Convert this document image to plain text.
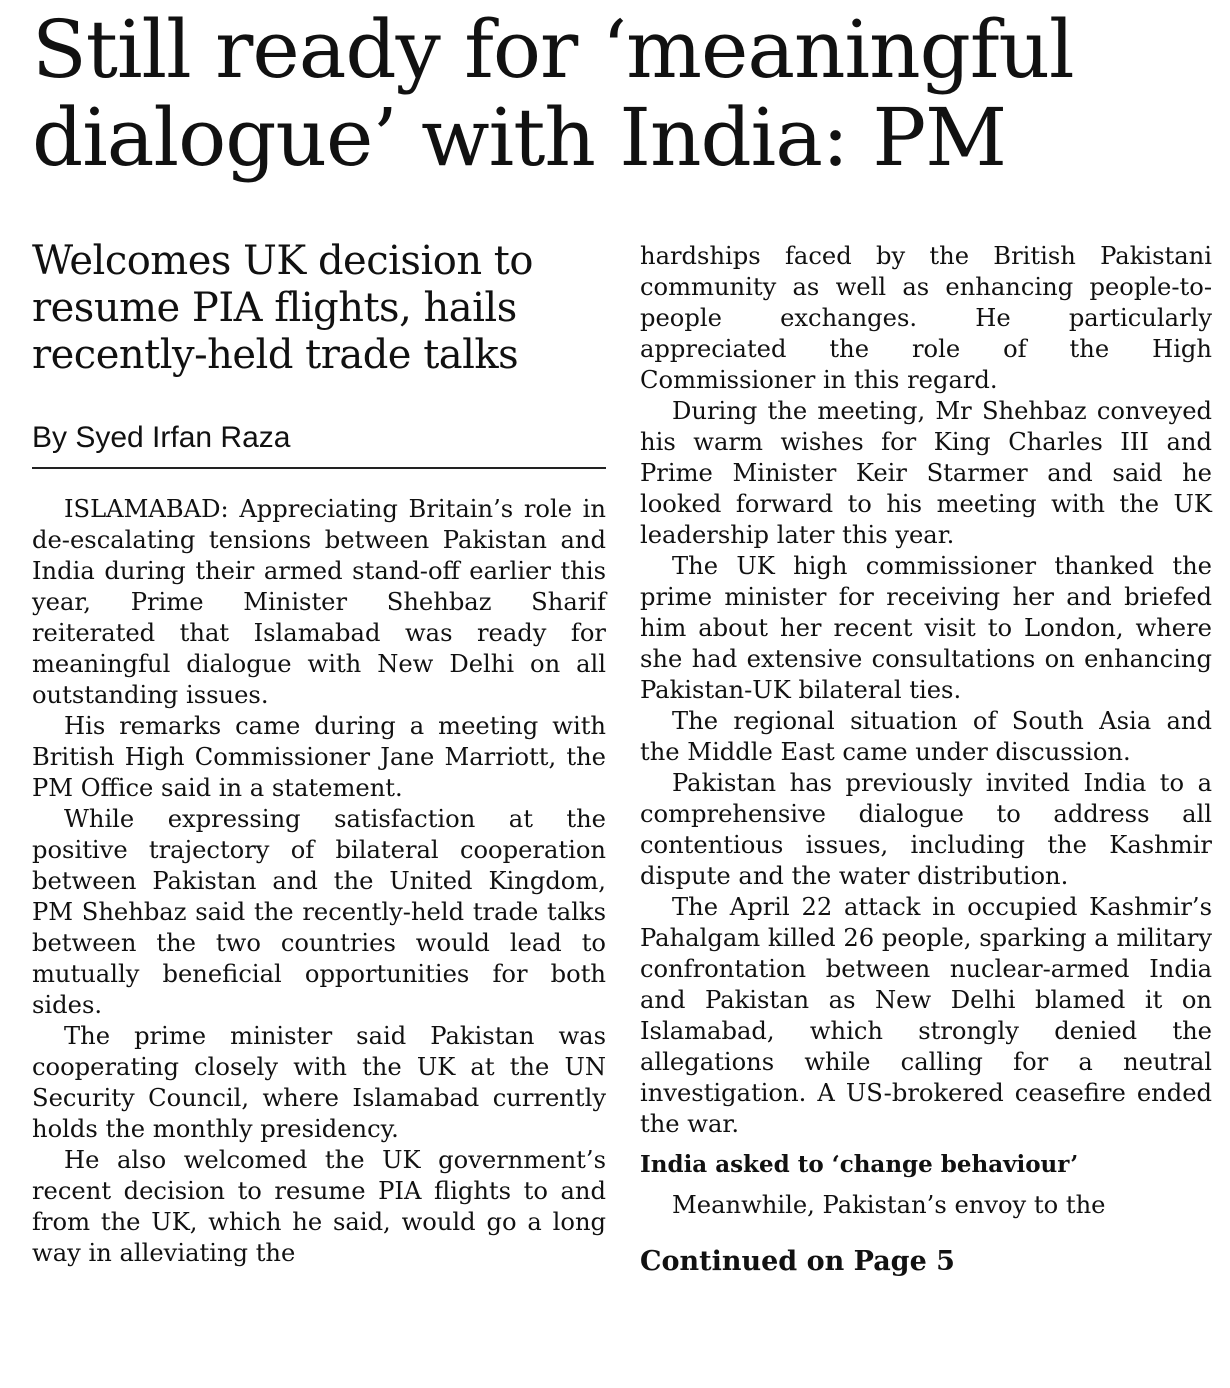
Still ready for ‘meaningful
dialogue’ with India: PM
Welcomes UK decision to resume PIA flights, hails recently-held trade talks
By Syed Irfan Raza

ISLAMABAD: Appreciating Britain’s role in de-escalating tensions between Pakistan and India during their armed stand-off earlier this year, Prime Minister Shehbaz Sharif reiterated that Islamabad was ready for meaningful dialogue with New Delhi on all outstanding issues.

His remarks came during a meeting with British High Commissioner Jane Marriott, the PM Office said in a statement.

While expressing satisfaction at the positive trajectory of bilateral cooperation between Pakistan and the United Kingdom, PM Shehbaz said the recently-held trade talks between the two countries would lead to mutually beneficial opportunities for both sides.

The prime minister said Pakistan was cooperating closely with the UK at the UN Security Council, where Islamabad currently holds the monthly presidency.

He also welcomed the UK government’s recent decision to resume PIA flights to and from the UK, which he said, would go a long way in alleviating the

hardships faced by the British Pakistani community as well as enhancing people-to-people exchanges. He particularly appreciated the role of the High Commissioner in this regard.

During the meeting, Mr Shehbaz conveyed his warm wishes for King Charles III and Prime Minister Keir Starmer and said he looked forward to his meeting with the UK leadership later this year.

The UK high commissioner thanked the prime minister for receiving her and briefed him about her recent visit to London, where she had extensive consultations on enhancing Pakistan-UK bilateral ties.

The regional situation of South Asia and the Middle East came under discussion.

Pakistan has previously invited India to a comprehensive dialogue to address all contentious issues, including the Kashmir dispute and the water distribution.

The April 22 attack in occupied Kashmir’s Pahalgam killed 26 people, sparking a military confrontation between nuclear-armed India and Pakistan as New Delhi blamed it on Islamabad, which strongly denied the allegations while calling for a neutral investigation. A US-brokered ceasefire ended the war.

India asked to ‘change behaviour’

Meanwhile, Pakistan’s envoy to the

Continued on Page 5
